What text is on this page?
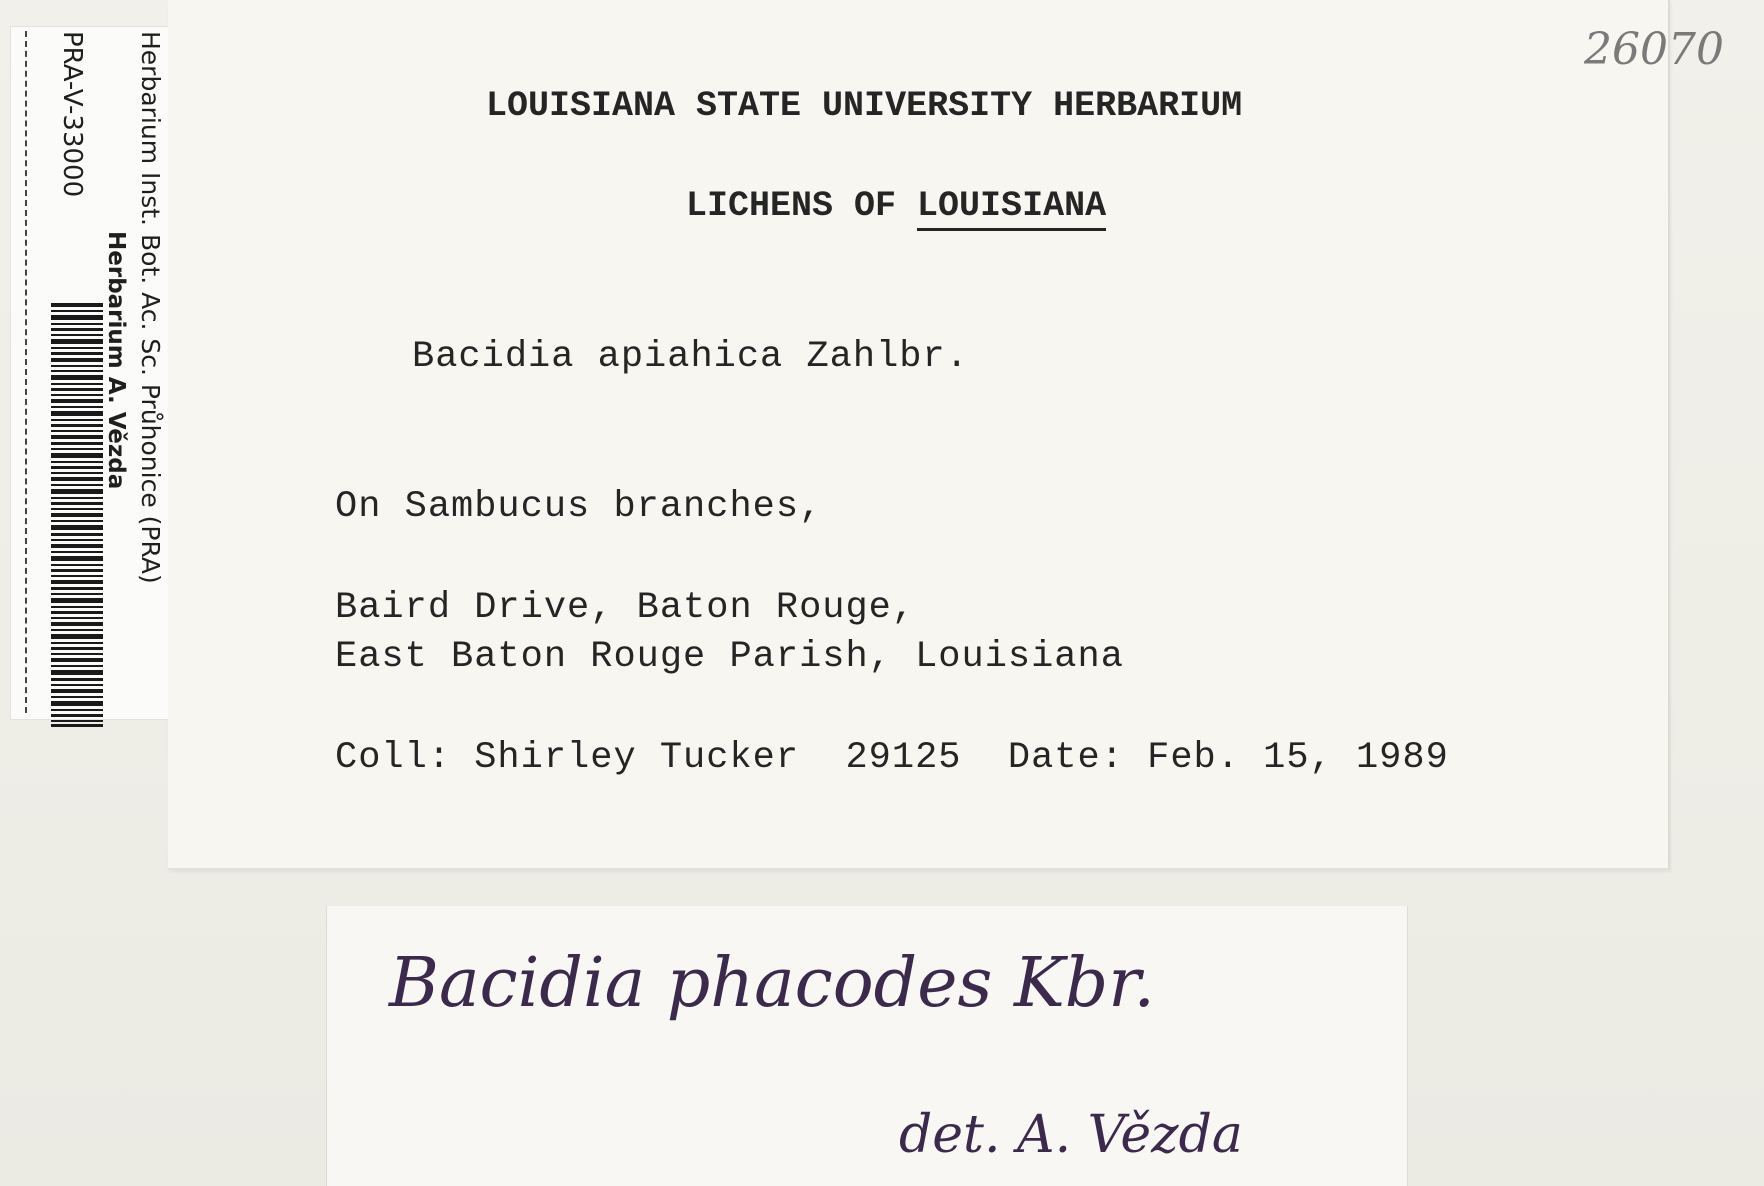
Herbarium Inst. Bot. Ac. Sc. Průhonice (PRA)
Herbarium A. Vězda
PRA-V-33000	LOUISIANA STATE UNIVERSITY HERBARIUM
LICHENS OF LOUISIANA
Bacidia apiahica Zahlbr.
On Sambucus branches,
Baird Drive, Baton Rouge,
East Baton Rouge Parish, Louisiana
Coll: Shirley Tucker  29125  Date: Feb. 15, 1989
26070
Bacidia phacodes Kbr.
det. A. Vězda
